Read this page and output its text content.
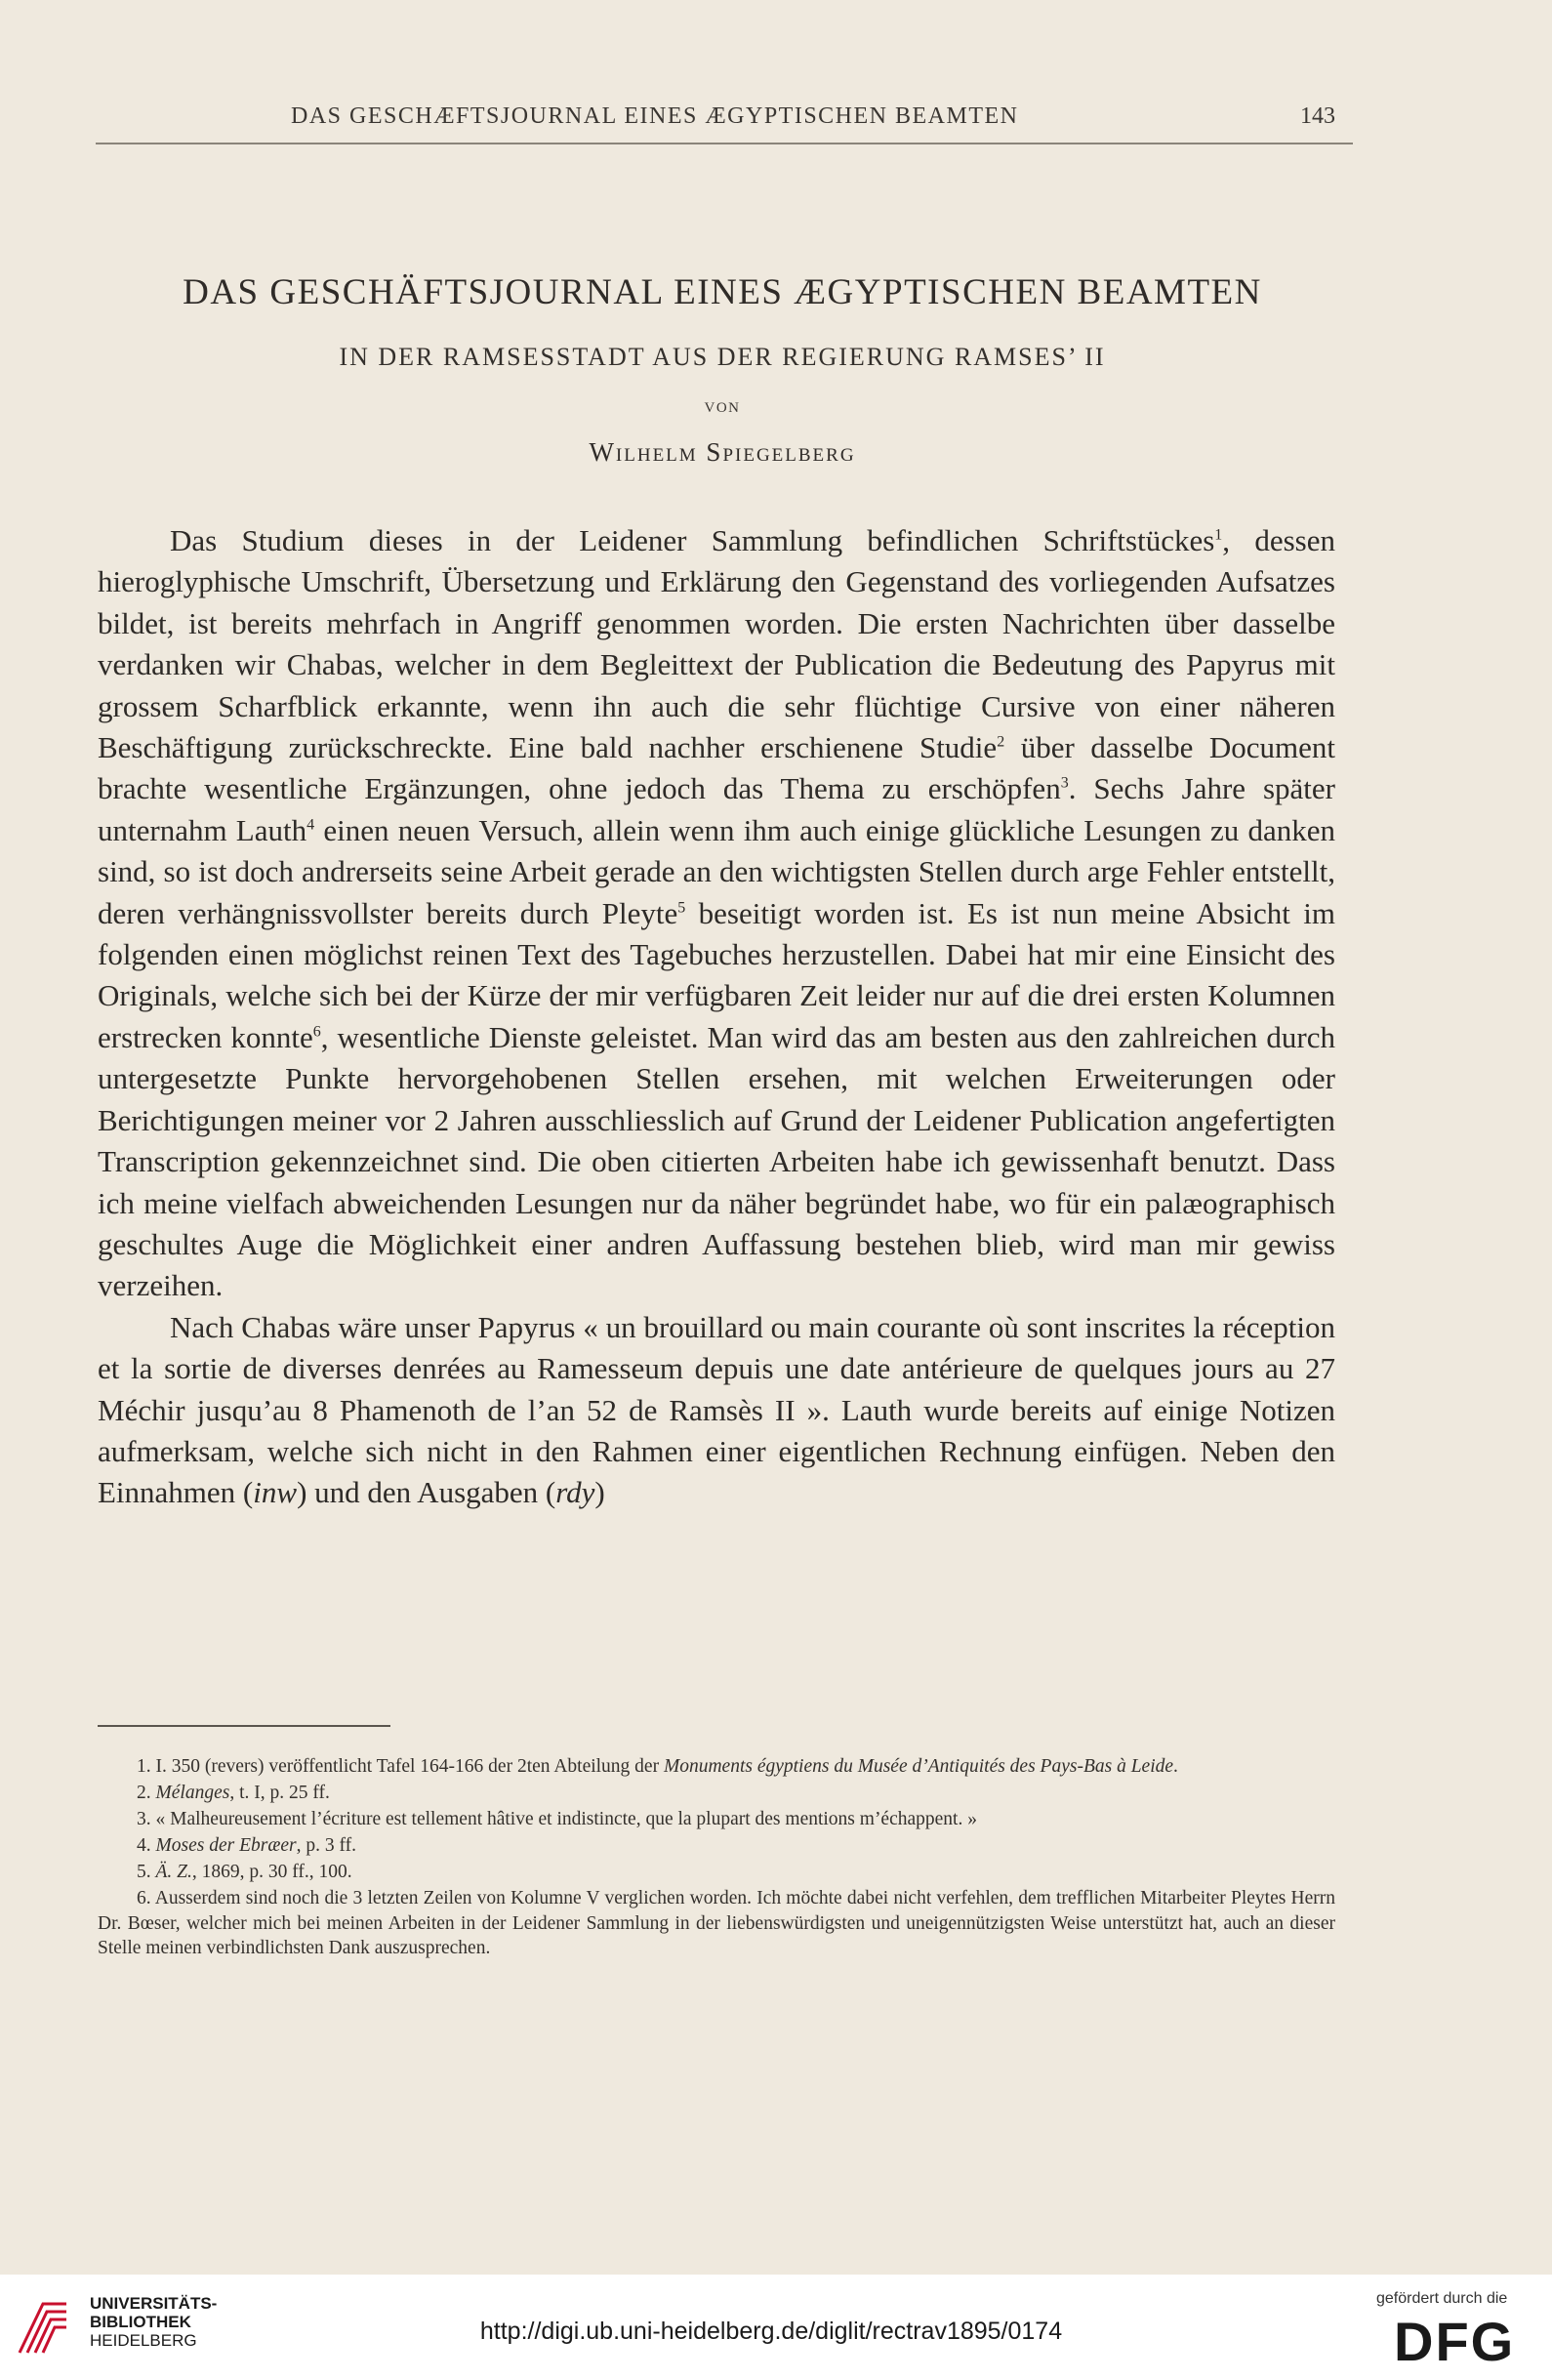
DAS GESCHÆFTSJOURNAL EINES ÆGYPTISCHEN BEAMTEN	143
DAS GESCHÄFTSJOURNAL EINES ÆGYPTISCHEN BEAMTEN
IN DER RAMSESSTADT AUS DER REGIERUNG RAMSES’ II
VON
Wilhelm Spiegelberg

Das Studium dieses in der Leidener Sammlung befindlichen Schriftstückes$^1$, dessen hieroglyphische Umschrift, Übersetzung und Erklärung den Gegenstand des vorliegenden Aufsatzes bildet, ist bereits mehrfach in Angriff genommen worden. Die ersten Nachrichten über dasselbe verdanken wir Chabas, welcher in dem Begleittext der Publication die Bedeutung des Papyrus mit grossem Scharfblick erkannte, wenn ihn auch die sehr flüchtige Cursive von einer näheren Beschäftigung zurückschreckte. Eine bald nachher erschienene Studie$^2$ über dasselbe Document brachte wesentliche Ergänzungen, ohne jedoch das Thema zu erschöpfen$^3$. Sechs Jahre später unternahm Lauth$^4$ einen neuen Versuch, allein wenn ihm auch einige glückliche Lesungen zu danken sind, so ist doch andrerseits seine Arbeit gerade an den wichtigsten Stellen durch arge Fehler entstellt, deren verhängnissvollster bereits durch Pleyte$^5$ beseitigt worden ist. Es ist nun meine Absicht im folgenden einen möglichst reinen Text des Tagebuches herzustellen. Dabei hat mir eine Einsicht des Originals, welche sich bei der Kürze der mir verfügbaren Zeit leider nur auf die drei ersten Kolumnen erstrecken konnte$^6$, wesentliche Dienste geleistet. Man wird das am besten aus den zahlreichen durch untergesetzte Punkte hervorgehobenen Stellen ersehen, mit welchen Erweiterungen oder Berichtigungen meiner vor 2 Jahren ausschliesslich auf Grund der Leidener Publication angefertigten Transcription gekennzeichnet sind. Die oben citierten Arbeiten habe ich gewissenhaft benutzt. Dass ich meine vielfach abweichenden Lesungen nur da näher begründet habe, wo für ein palæographisch geschultes Auge die Möglichkeit einer andren Auffassung bestehen blieb, wird man mir gewiss verzeihen.

Nach Chabas wäre unser Papyrus « un brouillard ou main courante où sont inscrites la réception et la sortie de diverses denrées au Ramesseum depuis une date antérieure de quelques jours au 27 Méchir jusqu’au 8 Phamenoth de l’an 52 de Ramsès II ». Lauth wurde bereits auf einige Notizen aufmerksam, welche sich nicht in den Rahmen einer eigentlichen Rechnung einfügen. Neben den Einnahmen (inw) und den Ausgaben (rdy)

1. I. 350 (revers) veröffentlicht Tafel 164-166 der 2ten Abteilung der Monuments égyptiens du Musée d’Antiquités des Pays-Bas à Leide.

2. Mélanges, t. I, p. 25 ff.

3. « Malheureusement l’écriture est tellement hâtive et indistincte, que la plupart des mentions m’échappent. »

4. Moses der Ebræer, p. 3 ff.

5. Ä. Z., 1869, p. 30 ff., 100.

6. Ausserdem sind noch die 3 letzten Zeilen von Kolumne V verglichen worden. Ich möchte dabei nicht verfehlen, dem trefflichen Mitarbeiter Pleytes Herrn Dr. Bœser, welcher mich bei meinen Arbeiten in der Leidener Sammlung in der liebenswürdigsten und uneigennützigsten Weise unterstützt hat, auch an dieser Stelle meinen verbindlichsten Dank auszusprechen.

UNIVERSITÄTS-
BIBLIOTHEK
HEIDELBERG	http://digi.ub.uni-heidelberg.de/diglit/rectrav1895/0174
gefördert durch die
DFG
